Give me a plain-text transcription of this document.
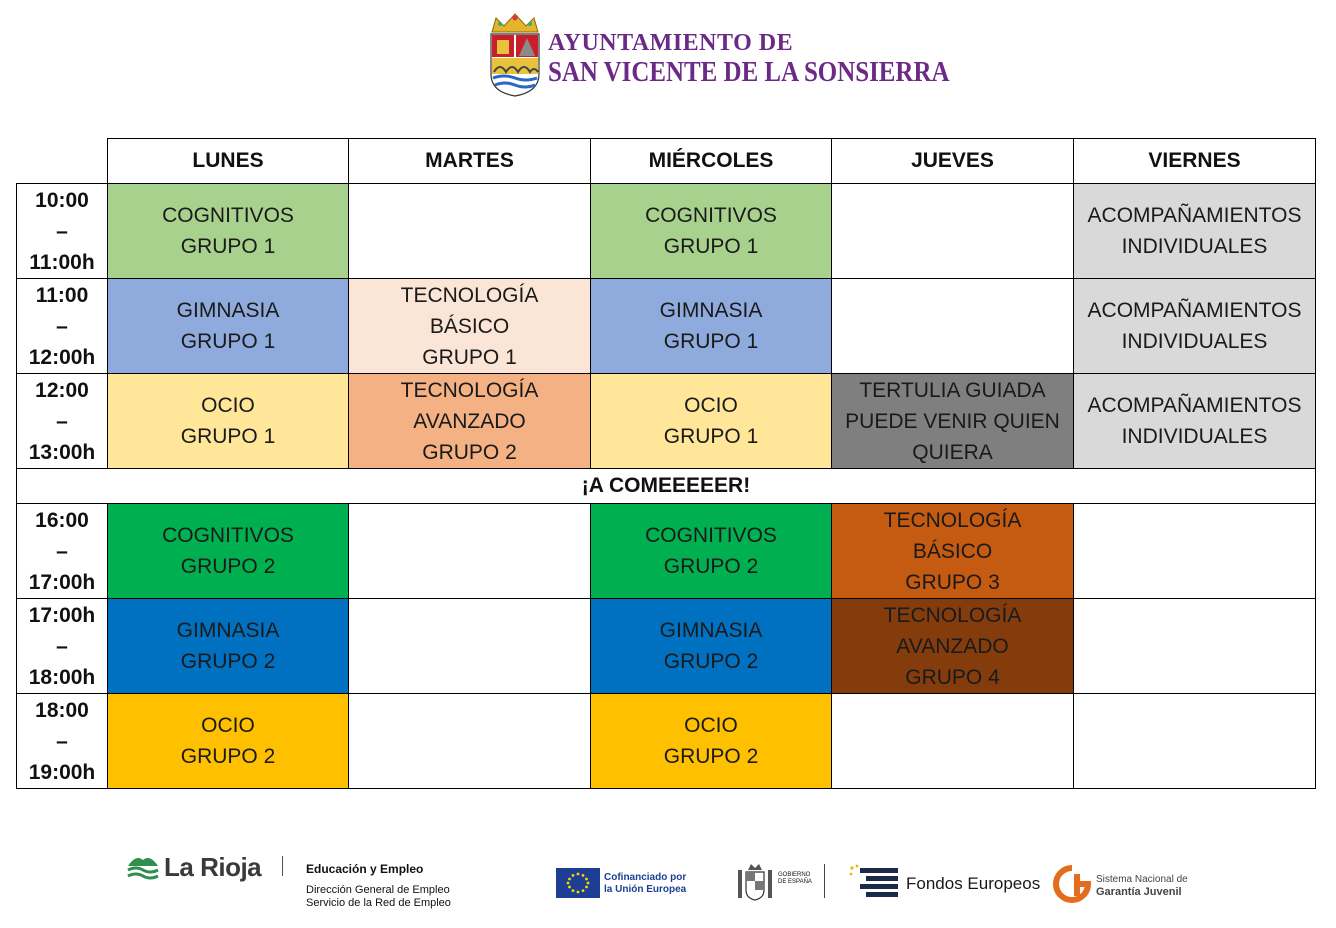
AYUNTAMIENTO DE
SAN VICENTE DE LA SONSIERRA
	LUNES	MARTES	MIÉRCOLES	JUEVES	VIERNES

10:00
–
11:00h	COGNITIVOS
GRUPO 1		COGNITIVOS
GRUPO 1		ACOMPAÑAMIENTOS
INDIVIDUALES

11:00
–
12:00h	GIMNASIA
GRUPO 1	TECNOLOGÍA
BÁSICO
GRUPO 1	GIMNASIA
GRUPO 1		ACOMPAÑAMIENTOS
INDIVIDUALES

12:00
–
13:00h	OCIO
GRUPO 1	TECNOLOGÍA
AVANZADO
GRUPO 2	OCIO
GRUPO 1	TERTULIA GUIADA
PUEDE VENIR QUIEN
QUIERA	ACOMPAÑAMIENTOS
INDIVIDUALES

¡A COMEEEEER!					

16:00
–
17:00h	COGNITIVOS
GRUPO 2		COGNITIVOS
GRUPO 2	TECNOLOGÍA
BÁSICO
GRUPO 3	

17:00h
–
18:00h	GIMNASIA
GRUPO 2		GIMNASIA
GRUPO 2	TECNOLOGÍA
AVANZADO
GRUPO 4	

18:00
–
19:00h	OCIO
GRUPO 2		OCIO
GRUPO 2		

La Rioja	Educación y Empleo
Dirección General de Empleo
Servicio de la Red de Empleo
Cofinanciado por
la Unión Europea
GOBIERNO
DE ESPAÑA	Fondos Europeos	Sistema Nacional de
Garantía Juvenil
